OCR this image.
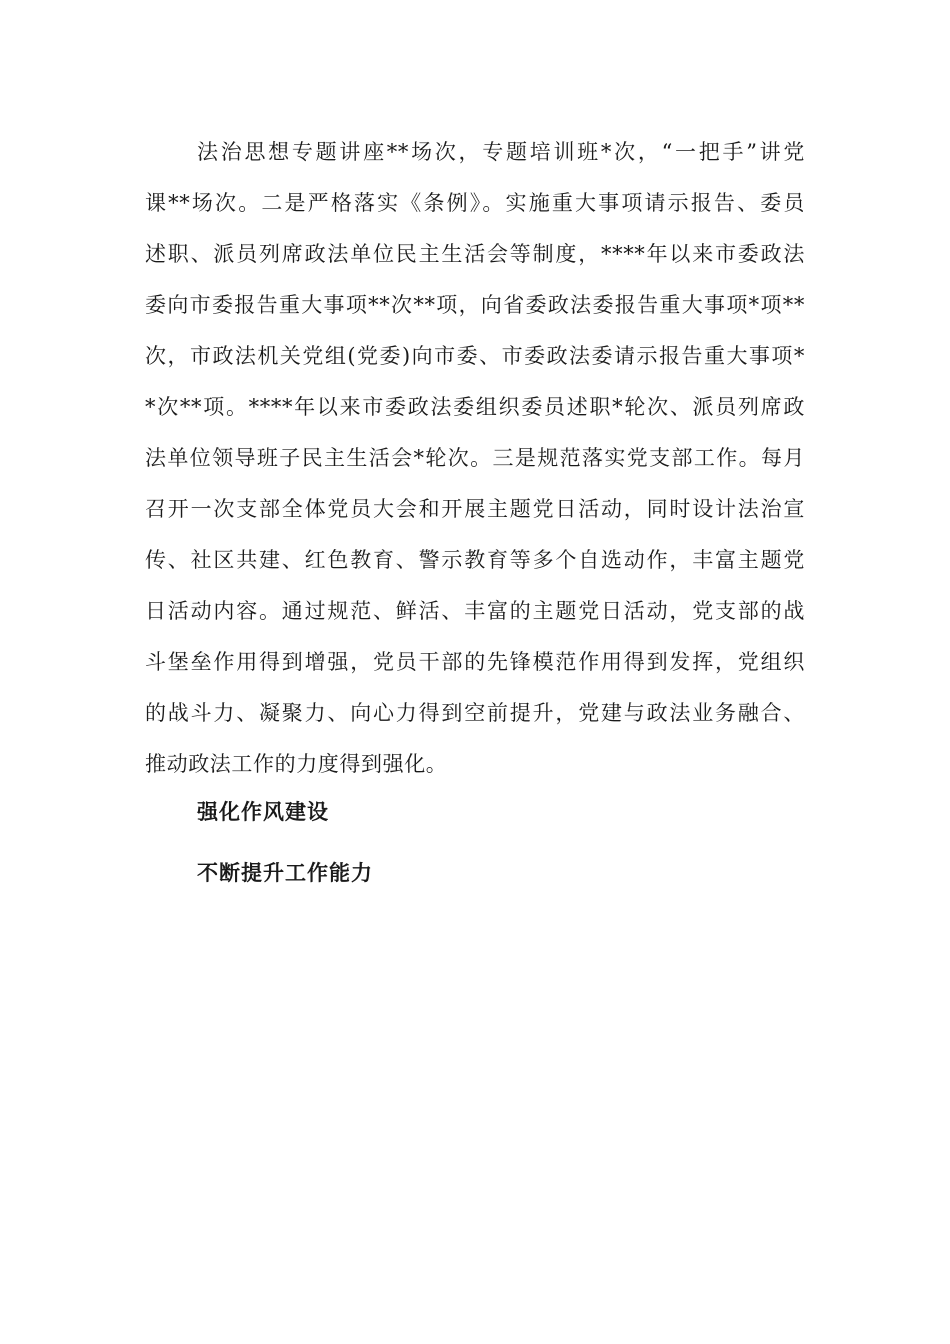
法治思想专题讲座**场次，专题培训班*次，“一把手”讲党
课**场次。二是严格落实《条例》。实施重大事项请示报告、委员
述职、派员列席政法单位民主生活会等制度，****年以来市委政法
委向市委报告重大事项**次**项，向省委政法委报告重大事项*项**
次，市政法机关党组(党委)向市委、市委政法委请示报告重大事项*
*次**项。****年以来市委政法委组织委员述职*轮次、派员列席政
法单位领导班子民主生活会*轮次。三是规范落实党支部工作。每月
召开一次支部全体党员大会和开展主题党日活动，同时设计法治宣
传、社区共建、红色教育、警示教育等多个自选动作，丰富主题党
日活动内容。通过规范、鲜活、丰富的主题党日活动，党支部的战
斗堡垒作用得到增强，党员干部的先锋模范作用得到发挥，党组织
的战斗力、凝聚力、向心力得到空前提升，党建与政法业务融合、
推动政法工作的力度得到强化。
强化作风建设
不断提升工作能力
